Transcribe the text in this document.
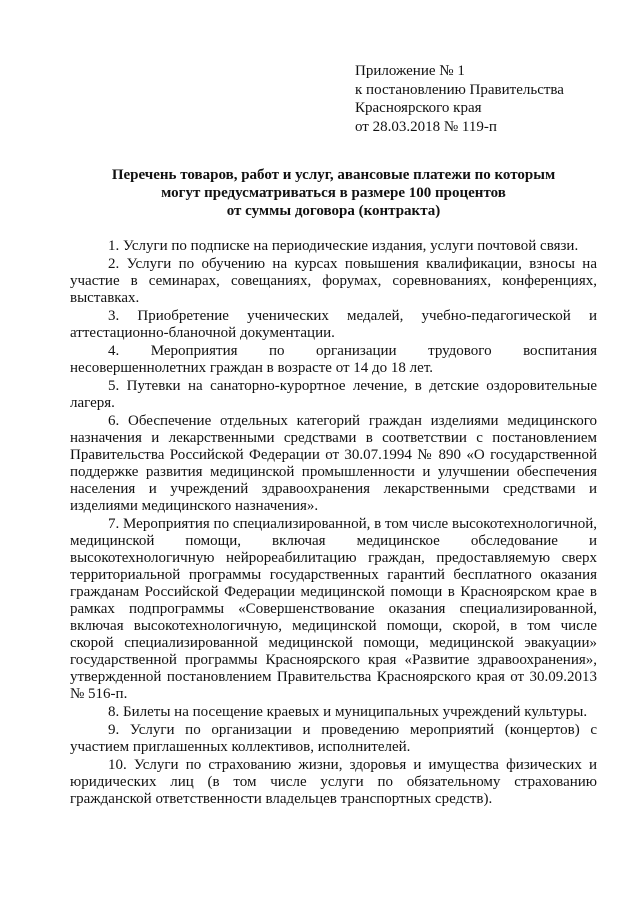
Приложение № 1
к постановлению Правительства
Красноярского края
от 28.03.2018 № 119-п
Перечень товаров, работ и услуг, авансовые платежи по которым
могут предусматриваться в размере 100 процентов
от суммы договора (контракта)

1. Услуги по подписке на периодические издания, услуги почтовой связи.

2. Услуги по обучению на курсах повышения квалификации, взносы на участие в семинарах, совещаниях, форумах, соревнованиях, конференциях, выставках.

3. Приобретение ученических медалей, учебно-педагогической и аттестационно-бланочной документации.

4. Мероприятия по организации трудового воспитания несовершеннолетних граждан в возрасте от 14 до 18 лет.

5. Путевки на санаторно-курортное лечение, в детские оздоровительные лагеря.

6. Обеспечение отдельных категорий граждан изделиями медицинского назначения и лекарственными средствами в соответствии с постановлением Правительства Российской Федерации от 30.07.1994 № 890 «О государственной поддержке развития медицинской промышленности и улучшении обеспечения населения и учреждений здравоохранения лекарственными средствами и изделиями медицинского назначения».

7. Мероприятия по специализированной, в том числе высокотехнологичной, медицинской помощи, включая медицинское обследование и высокотехнологичную нейрореабилитацию граждан, предоставляемую сверх территориальной программы государственных гарантий бесплатного оказания гражданам Российской Федерации медицинской помощи в Красноярском крае в рамках подпрограммы «Совершенствование оказания специализированной, включая высокотехнологичную, медицинской помощи, скорой, в том числе скорой специализированной медицинской помощи, медицинской эвакуации» государственной программы Красноярского края «Развитие здравоохранения», утвержденной постановлением Правительства Красноярского края от 30.09.2013 № 516-п.

8. Билеты на посещение краевых и муниципальных учреждений культуры.

9. Услуги по организации и проведению мероприятий (концертов) с участием приглашенных коллективов, исполнителей.

10. Услуги по страхованию жизни, здоровья и имущества физических и юридических лиц (в том числе услуги по обязательному страхованию гражданской ответственности владельцев транспортных средств).
